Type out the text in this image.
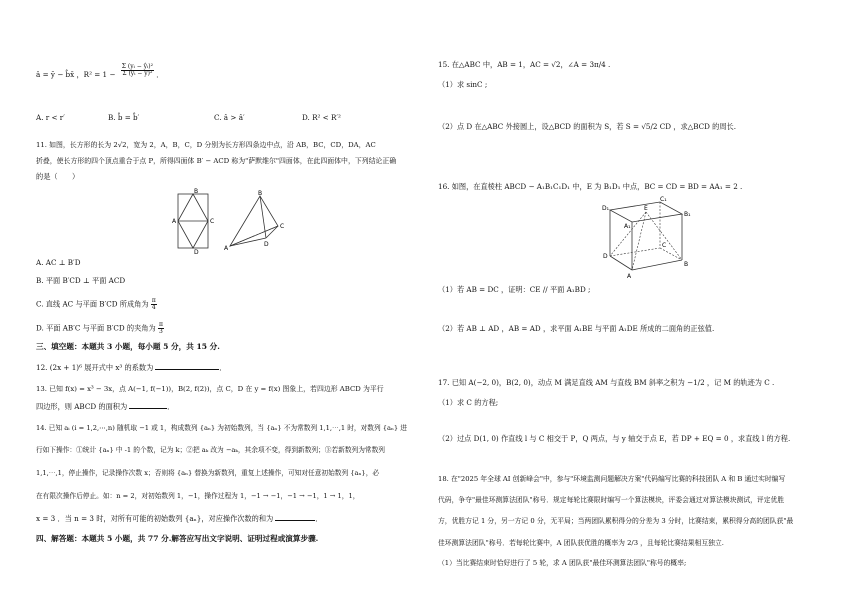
â = ȳ − b̂x̄ ，$R^2 = 1 - \frac{\text{Σ (yᵢ − ŷᵢ)²}}{\text{Σ (yᵢ − ȳ)²}}$ ．
A. r < r′	B. b̂ = b̂′	C. â > â′	D. R² < R′²
11. 如图，长方形的长为 2√2，宽为 2，A，B，C，D 分别为长方形四条边中点，沿 AB，BC，CD，DA，AC
折叠，使长方形的四个顶点重合于点 P，所得四面体 B′ − ACD 称为"萨默维尔"四面体，在此四面体中，下列结论正确
的是（　　）
B
A	C
D
B
A
C
D
A. AC ⊥ B′D
B. 平面 B′CD ⊥ 平面 ACD
C. 直线 AC 与平面 B′CD 所成角为 $\frac{\pi}{4}$
D. 平面 AB′C 与平面 B′CD 的夹角为 $\frac{\pi}{3}$
三、填空题：本题共 3 小题，每小题 5 分，共 15 分.
12. (2x + 1)⁶ 展开式中 x³ 的系数为	．
13. 已知 f(x) = x³ − 3x，点 A(−1, f(−1))，B(2, f(2))，点 C，D 在 y = f(x) 图象上，若四边形 ABCD 为平行
四边形，则 ABCD 的面积为	．
14. 已知 aᵢ (i = 1,2,⋯,n) 随机取 −1 或 1，构成数列 {aₙ} 为初始数列，当 {aₙ} 不为常数列 1,1,⋯,1 时，对数列 {aₙ} 进
行如下操作：①统计 {aₙ} 中 -1 的个数，记为 k；②把 aₖ 改为 −aₖ，其余项不变，得到新数列；③若新数列为常数列
1,1,⋯,1，停止操作，记录操作次数 x；否则将 {aₙ} 替换为新数列，重复上述操作，可知对任意初始数列 {aₙ}，必
在有限次操作后停止。如：n = 2，对初始数列 1，−1，操作过程为 1，−1 → −1，−1 → −1，1 → 1，1，
x = 3 ．当 n = 3 时，对所有可能的初始数列 {aₙ}，对应操作次数的和为	．
四、解答题：本题共 5 小题，共 77 分.解答应写出文字说明、证明过程或演算步骤.
15. 在△ABC 中，AB = 1，AC = √2，∠A = 3π/4 .
（1）求 sinC ;
（2）点 D 在△ABC 外接圆上，设△BCD 的面积为 S，若 S = √5/2 CD ，求△BCD 的周长.
16. 如图，在直棱柱 ABCD − A₁B₁C₁D₁ 中，E 为 B₁D₁ 中点，BC = CD = BD = AA₁ = 2 .
D₁
C₁
A₁
B₁
E
D
C
A
B
（1）若 AB = DC ，证明：CE // 平面 A₁BD ;
（2）若 AB ⊥ AD ，AB = AD ，求平面 A₁BE 与平面 A₁DE 所成的二面角的正弦值.
17. 已知 A(−2, 0)，B(2, 0)，动点 M 满足直线 AM 与直线 BM 斜率之积为 −1/2 ，记 M 的轨迹为 C .
（1）求 C 的方程;
（2）过点 D(1, 0) 作直线 l 与 C 相交于 P，Q 两点，与 y 轴交于点 E，若 DP + EQ = 0 ，求直线 l 的方程.
18. 在"2025 年全球 AI 创新峰会"中，参与"环境监测问题解决方案"代码编写比赛的科技团队 A 和 B 通过实时编写
代码，争夺"最佳环测算法团队"称号．规定每轮比赛限时编写一个算法模块，评委会通过对算法模块测试，评定优胜
方，优胜方记 1 分，另一方记 0 分，无平局；当两团队累积得分的分差为 3 分时，比赛结束，累积得分高的团队获"最
佳环测算法团队"称号．若每轮比赛中，A 团队获优胜的概率为 2/3 ，且每轮比赛结果相互独立.
（1）当比赛结束时恰好进行了 5 轮，求 A 团队获"最佳环测算法团队"称号的概率;
